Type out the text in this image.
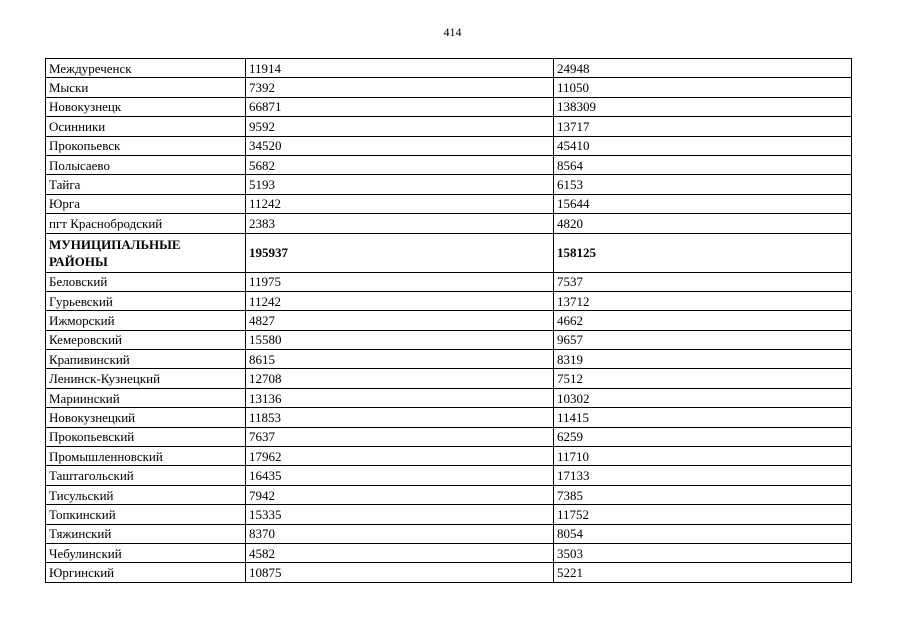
414
Междуреченск	11914	24948
Мыски	7392	11050
Новокузнецк	66871	138309
Осинники	9592	13717
Прокопьевск	34520	45410
Полысаево	5682	8564
Тайга	5193	6153
Юрга	11242	15644
пгт Краснобродский	2383	4820
МУНИЦИПАЛЬНЫЕ РАЙОНЫ	195937	158125
Беловский	11975	7537
Гурьевский	11242	13712
Ижморский	4827	4662
Кемеровский	15580	9657
Крапивинский	8615	8319
Ленинск-Кузнецкий	12708	7512
Мариинский	13136	10302
Новокузнецкий	11853	11415
Прокопьевский	7637	6259
Промышленновский	17962	11710
Таштагольский	16435	17133
Тисульский	7942	7385
Топкинский	15335	11752
Тяжинский	8370	8054
Чебулинский	4582	3503
Юргинский	10875	5221
